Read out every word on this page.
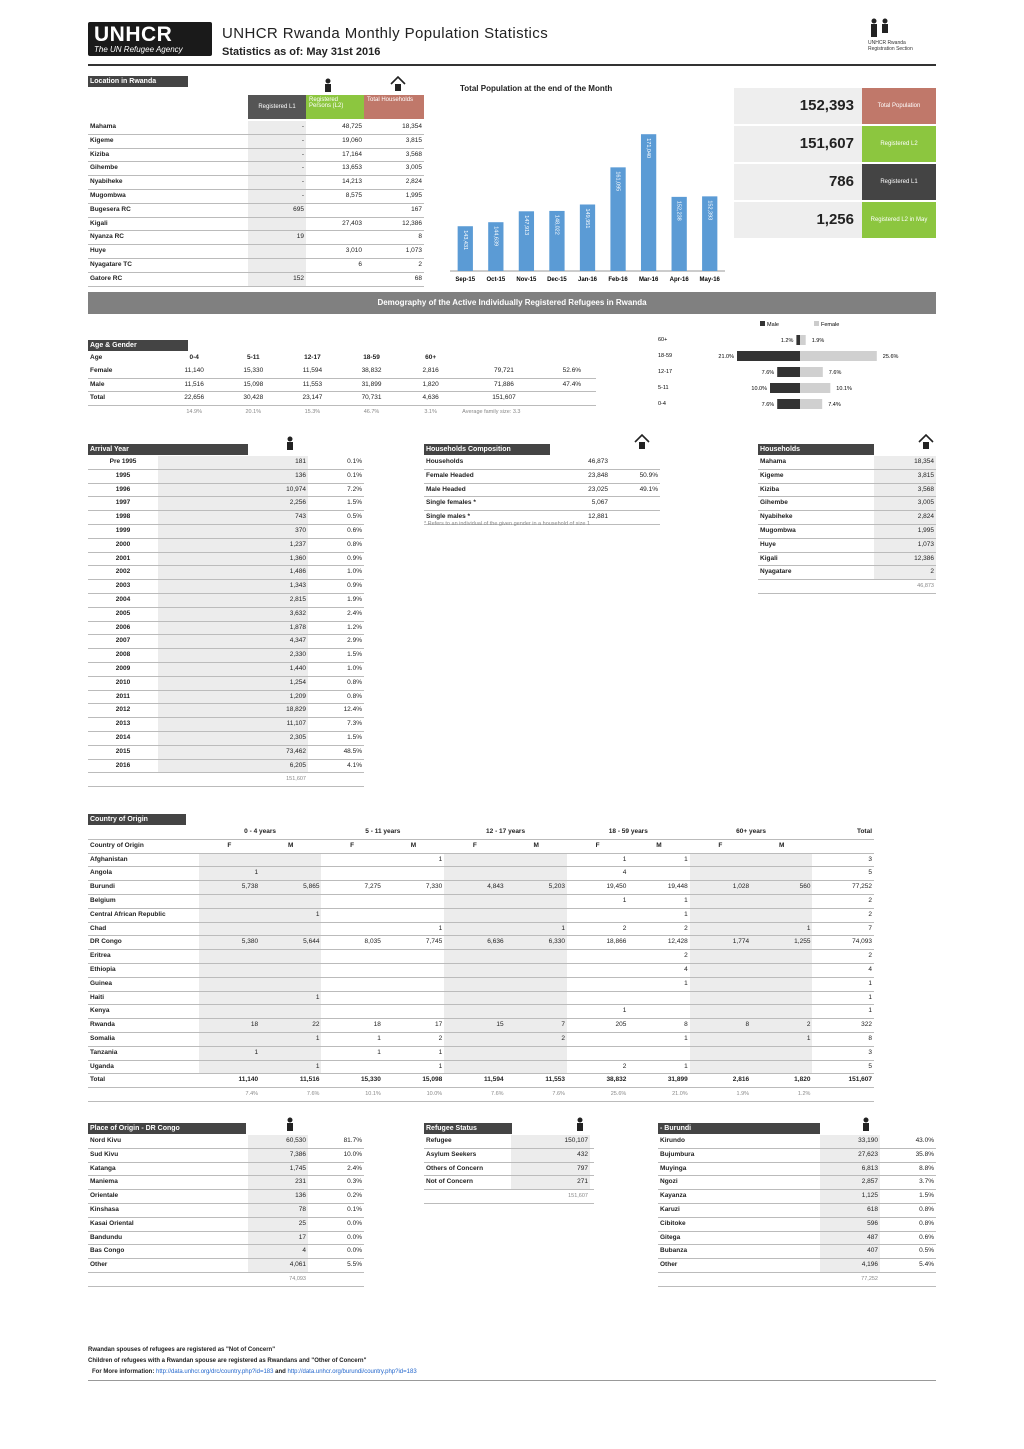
UNHCR
The UN Refugee Agency
UNHCR Rwanda Monthly Population Statistics
Statistics as of: May 31st 2016
UNHCR Rwanda
Registration Section
Location in Rwanda
Registered L1
Registered Persons (L2)
Total Households
Mahama	-	48,725	18,354
Kigeme	-	19,060	3,815
Kiziba	-	17,164	3,568
Gihembe	-	13,653	3,005
Nyabiheke	-	14,213	2,824
Mugombwa	-	8,575	1,995
Bugesera RC	695		167
Kigali		27,403	12,386
Nyanza RC	19		8
Huye		3,010	1,073
Nyagatare TC		6	2
Gatore RC	152		68
Total Population at the end of the Month
143,431
Sep-15
144,639
Oct-15
147,913
Nov-15
148,022
Dec-15
149,951
Jan-16
161,095
Feb-16
171,040
Mar-16
152,238
Apr-16
152,393
May-16
152,393	Total Population
151,607	Registered L2
786	Registered L1
1,256	Registered L2 in May
Demography of the Active Individually Registered Refugees in Rwanda
Age & Gender
Age	0-4	5-11	12-17	18-59	60+		
Female	11,140	15,330	11,594	38,832	2,816	79,721	52.6%
Male	11,516	15,098	11,553	31,899	1,820	71,886	47.4%
Total	22,656	30,428	23,147	70,731	4,636	151,607	
	14.9%	20.1%	15.3%	46.7%	3.1%	Average family size: 3.3	
Male	Female
60+	1.2%	1.9%
18-59	21.0%	25.6%
12-17	7.6%	7.6%
5-11	10.0%	10.1%
0-4	7.6%	7.4%
Arrival Year
Pre 1995	181	0.1%
1995	136	0.1%
1996	10,974	7.2%
1997	2,256	1.5%
1998	743	0.5%
1999	370	0.6%
2000	1,237	0.8%
2001	1,360	0.9%
2002	1,486	1.0%
2003	1,343	0.9%
2004	2,815	1.9%
2005	3,632	2.4%
2006	1,878	1.2%
2007	4,347	2.9%
2008	2,330	1.5%
2009	1,440	1.0%
2010	1,254	0.8%
2011	1,209	0.8%
2012	18,829	12.4%
2013	11,107	7.3%
2014	2,305	1.5%
2015	73,462	48.5%
2016	6,205	4.1%
	151,607	
Households Composition
Households	46,873	
Female Headed	23,848	50.9%
Male Headed	23,025	49.1%
Single females *	5,067	
Single males *	12,881	
* Refers to an individual of the given gender in a household of size 1
Households
Mahama	18,354
Kigeme	3,815
Kiziba	3,568
Gihembe	3,005
Nyabiheke	2,824
Mugombwa	1,995
Huye	1,073
Kigali	12,386
Nyagatare	2
	46,873
Country of Origin
	0 - 4 years		5 - 11 years		12 - 17 years		18 - 59 years		60+ years		Total
Country of Origin	F	M	F	M	F	M	F	M	F	M	
Afghanistan				1			1	1			3
Angola	1						4				5
Burundi	5,738	5,865	7,275	7,330	4,843	5,203	19,450	19,448	1,028	560	77,252
Belgium							1	1			2
Central African Republic		1						1			2
Chad				1		1	2	2		1	7
DR Congo	5,380	5,644	8,035	7,745	6,636	6,330	18,866	12,428	1,774	1,255	74,093
Eritrea								2			2
Ethiopia								4			4
Guinea								1			1
Haiti		1									1
Kenya							1				1
Rwanda	18	22	18	17	15	7	205	8	8	2	322
Somalia		1	1	2		2		1		1	8
Tanzania	1		1	1							3
Uganda		1		1			2	1			5
Total	11,140	11,516	15,330	15,098	11,594	11,553	38,832	31,899	2,816	1,820	151,607
	7.4%	7.6%	10.1%	10.0%	7.6%	7.6%	25.6%	21.0%	1.9%	1.2%	
Place of Origin - DR Congo
Nord Kivu	60,530	81.7%
Sud Kivu	7,386	10.0%
Katanga	1,745	2.4%
Maniema	231	0.3%
Orientale	136	0.2%
Kinshasa	78	0.1%
Kasai Oriental	25	0.0%
Bandundu	17	0.0%
Bas Congo	4	0.0%
Other	4,061	5.5%
	74,093	
Refugee Status
Refugee	150,107	
Asylum Seekers	432	
Others of Concern	797	
Not of Concern	271	
	151,607	
- Burundi
Kirundo	33,190	43.0%
Bujumbura	27,623	35.8%
Muyinga	6,813	8.8%
Ngozi	2,857	3.7%
Kayanza	1,125	1.5%
Karuzi	618	0.8%
Cibitoke	596	0.8%
Gitega	487	0.6%
Bubanza	407	0.5%
Other	4,196	5.4%
	77,252	
Rwandan spouses of refugees are registered as "Not of Concern"
Children of refugees with a Rwandan spouse are registered as Rwandans and "Other of Concern"
For More information: http://data.unhcr.org/drc/country.php?id=183 and http://data.unhcr.org/burundi/country.php?id=183
